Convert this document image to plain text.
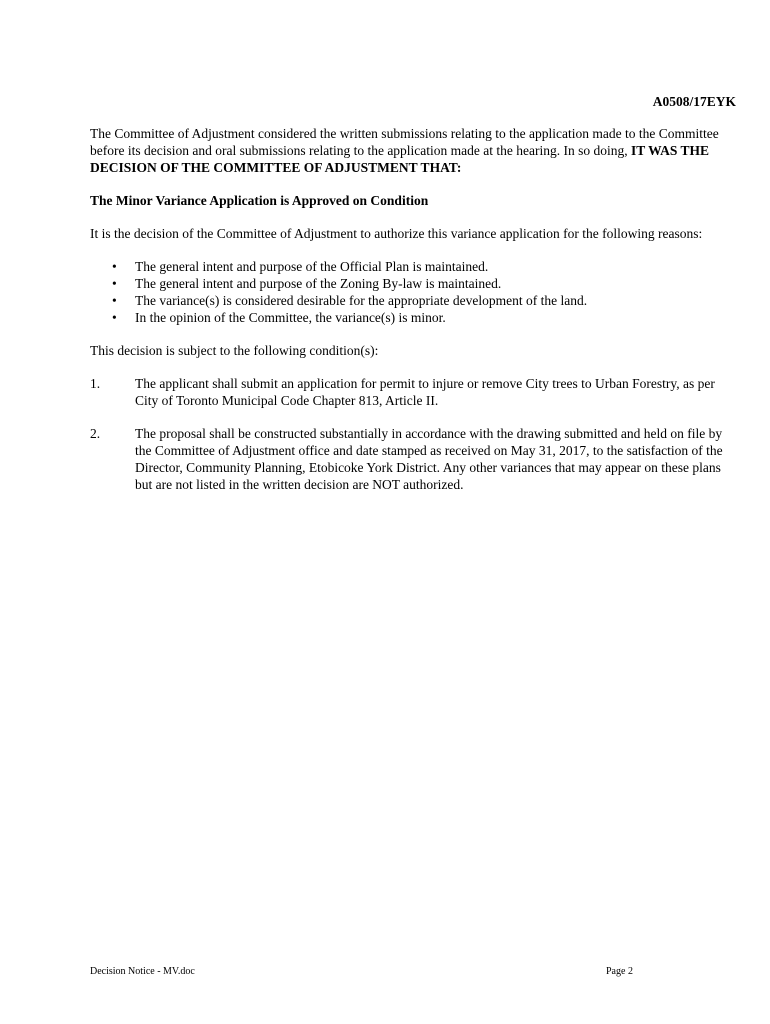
A0508/17EYK

The Committee of Adjustment considered the written submissions relating to the application made to the Committee before its decision and oral submissions relating to the application made at the hearing. In so doing, IT WAS THE DECISION OF THE COMMITTEE OF ADJUSTMENT THAT:

The Minor Variance Application is Approved on Condition

It is the decision of the Committee of Adjustment to authorize this variance application for the following reasons:

• The general intent and purpose of the Official Plan is maintained.
• The general intent and purpose of the Zoning By-law is maintained.
• The variance(s) is considered desirable for the appropriate development of the land.
• In the opinion of the Committee, the variance(s) is minor.

This decision is subject to the following condition(s):

1.	The applicant shall submit an application for permit to injure or remove City trees to Urban Forestry, as per City of Toronto Municipal Code Chapter 813, Article II.
2.	The proposal shall be constructed substantially in accordance with the drawing submitted and held on file by the Committee of Adjustment office and date stamped as received on May 31, 2017, to the satisfaction of the Director, Community Planning, Etobicoke York District. Any other variances that may appear on these plans but are not listed in the written decision are NOT authorized.
Decision Notice - MV.doc	Page 2
